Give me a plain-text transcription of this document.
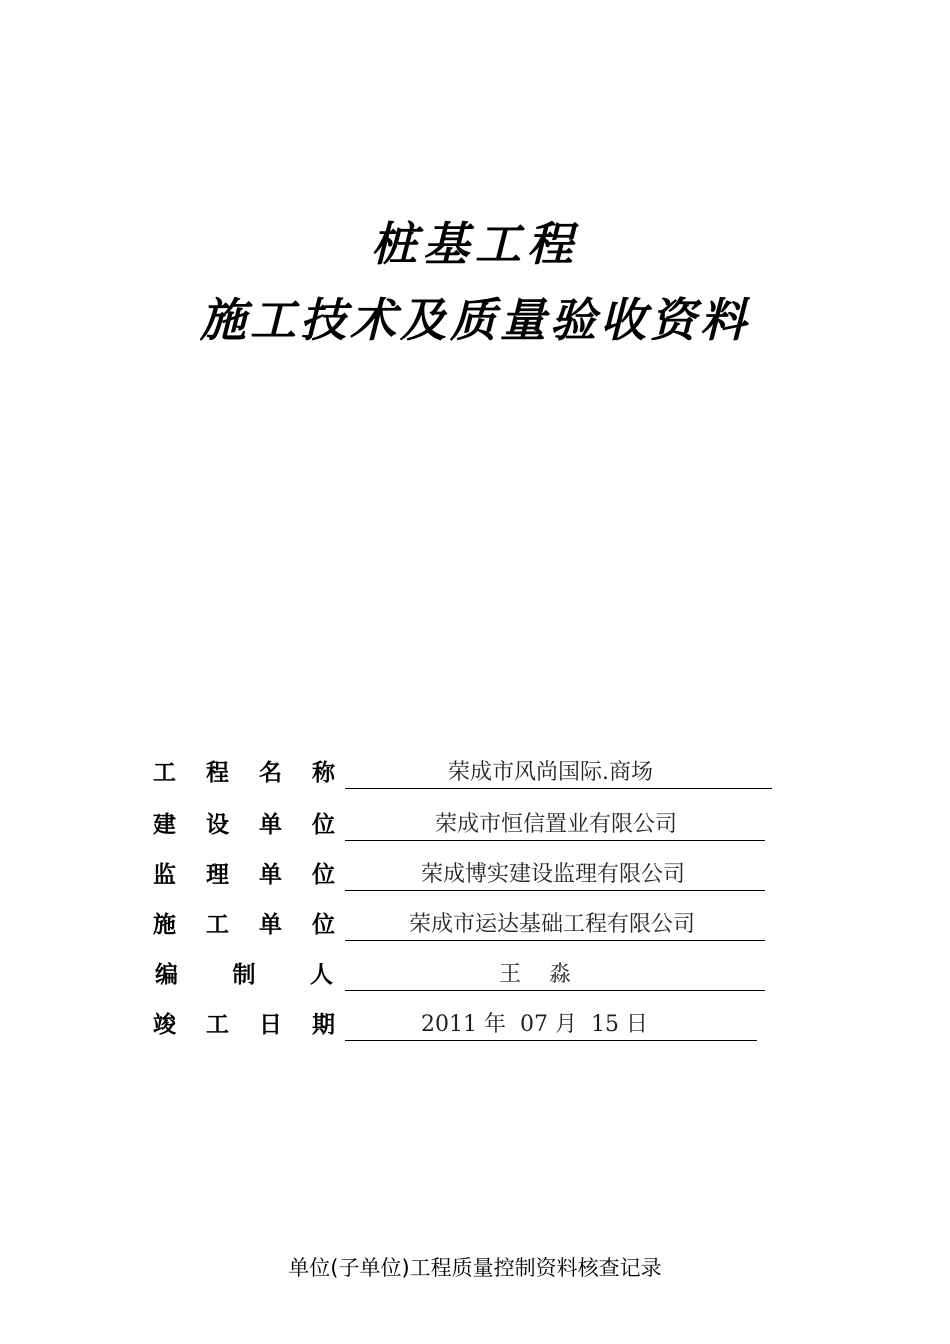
桩基工程
施工技术及质量验收资料
工 程 名 称	荣成市风尚国际.商场
建 设 单 位	荣成市恒信置业有限公司
监 理 单 位	荣成博实建设监理有限公司
施 工 单 位	荣成市运达基础工程有限公司
编 制 人	王    淼
竣 工 日 期	2011 年  07 月  15 日
单位(子单位)工程质量控制资料核查记录
